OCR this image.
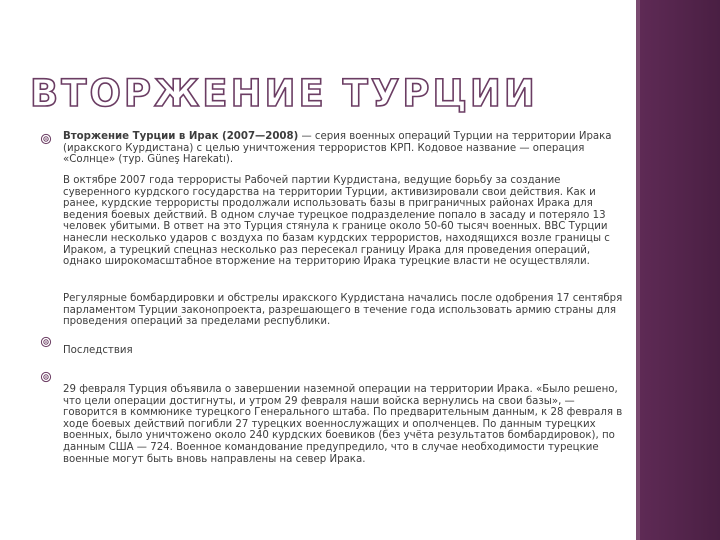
ВТОРЖЕНИЕ ТУРЦИИ

Вторжение Турции в Ирак (2007—2008) — серия военных операций Турции на территории Ирака (иракского Курдистана) с целью уничтожения террористов КРП. Кодовое название — операция «Солнце» (тур. Güneş Harekatı).

В октябре 2007 года террористы Рабочей партии Курдистана, ведущие борьбу за создание суверенного курдского государства на территории Турции, активизировали свои действия. Как и ранее, курдские террористы продолжали использовать базы в приграничных районах Ирака для ведения боевых действий. В одном случае турецкое подразделение попало в засаду и потеряло 13 человек убитыми. В ответ на это Турция стянула к границе около 50-60 тысяч военных. ВВС Турции нанесли несколько ударов с воздуха по базам курдских террористов, находящихся возле границы с Ираком, а турецкий спецназ несколько раз пересекал границу Ирака для проведения операций, однако широкомасштабное вторжение на территорию Ирака турецкие власти не осуществляли.

Регулярные бомбардировки и обстрелы иракского Курдистана начались после одобрения 17 сентября парламентом Турции законопроекта, разрешающего в течение года использовать армию страны для проведения операций за пределами республики.

Последствия

29 февраля Турция объявила о завершении наземной операции на территории Ирака. «Было решено, что цели операции достигнуты, и утром 29 февраля наши войска вернулись на свои базы», — говорится в коммюнике турецкого Генерального штаба. По предварительным данным, к 28 февраля в ходе боевых действий погибли 27 турецких военнослужащих и ополченцев. По данным турецких военных, было уничтожено около 240 курдских боевиков (без учёта результатов бомбардировок), по данным США — 724. Военное командование предупредило, что в случае необходимости турецкие военные могут быть вновь направлены на север Ирака.
